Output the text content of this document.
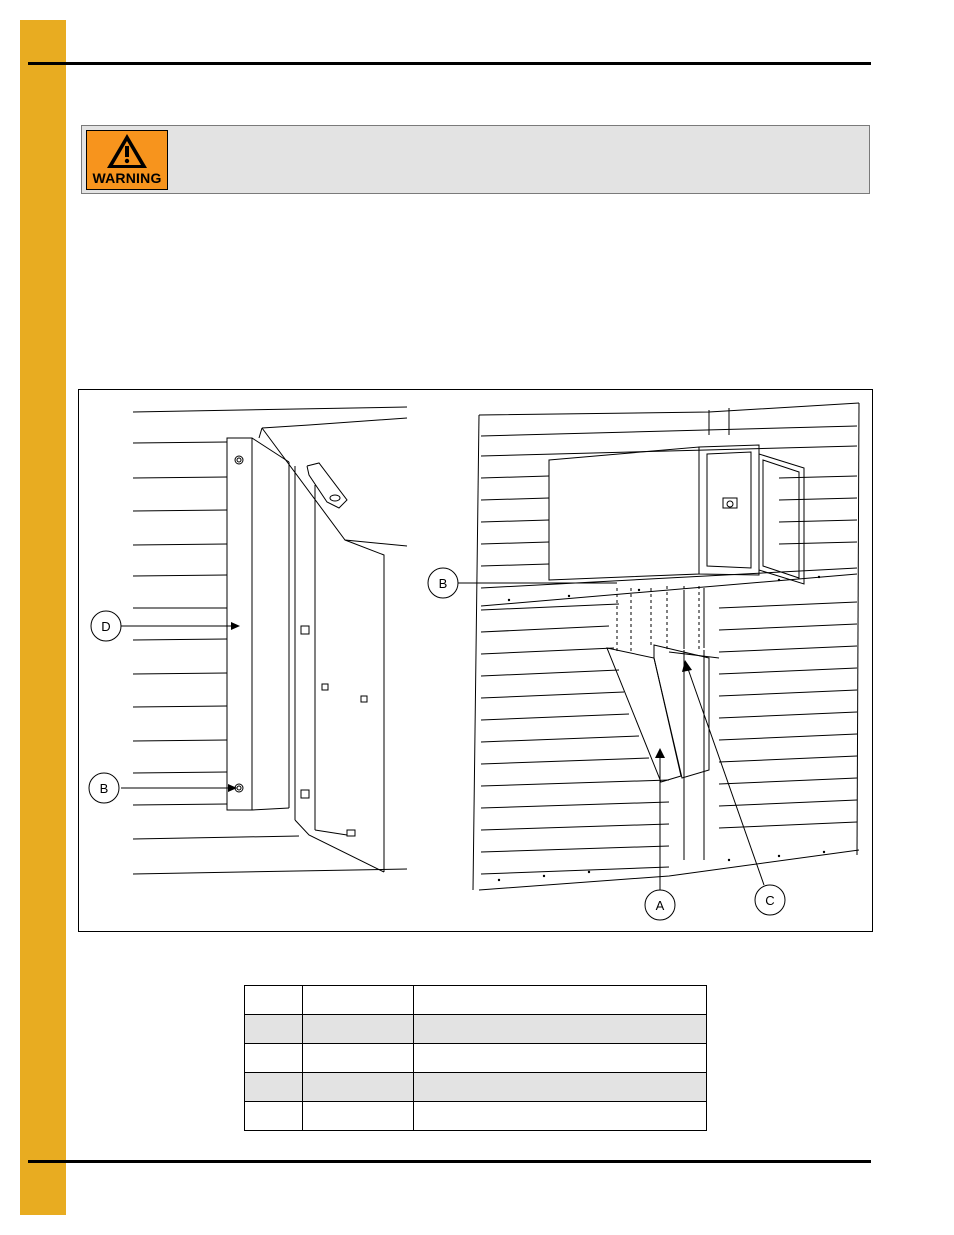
WARNING
D
B
B
A	C
